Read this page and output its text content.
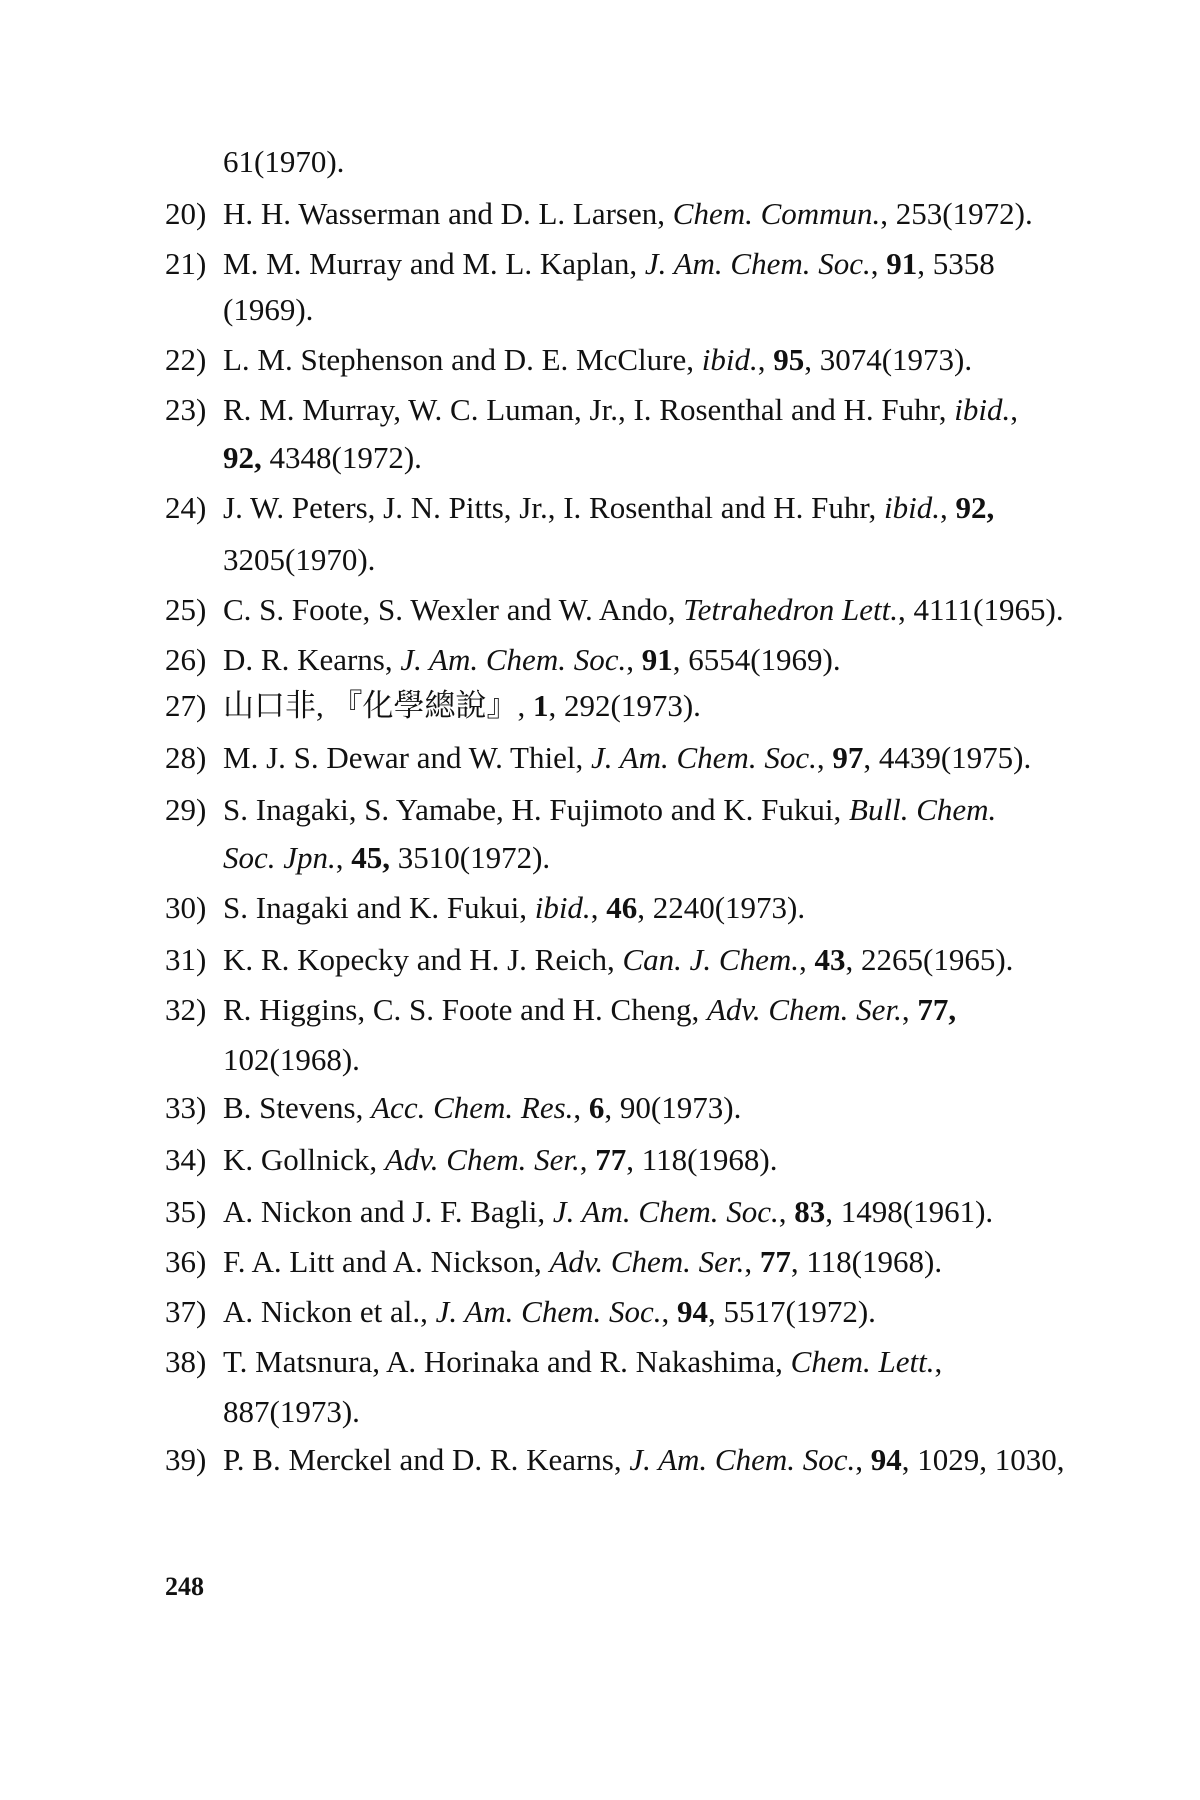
61(1970).
20) H. H. Wasserman and D. L. Larsen, Chem. Commun., 253(1972).
21) M. M. Murray and M. L. Kaplan, J. Am. Chem. Soc., 91, 5358
(1969).
22) L. M. Stephenson and D. E. McClure, ibid., 95, 3074(1973).
23) R. M. Murray, W. C. Luman, Jr., I. Rosenthal and H. Fuhr, ibid.,
92, 4348(1972).
24) J. W. Peters, J. N. Pitts, Jr., I. Rosenthal and H. Fuhr, ibid., 92,
3205(1970).
25) C. S. Foote, S. Wexler and W. Ando, Tetrahedron Lett., 4111(1965).
26) D. R. Kearns, J. Am. Chem. Soc., 91, 6554(1969).
27) 山口非, 『化學總說』, 1, 292(1973).
28) M. J. S. Dewar and W. Thiel, J. Am. Chem. Soc., 97, 4439(1975).
29) S. Inagaki, S. Yamabe, H. Fujimoto and K. Fukui, Bull. Chem.
Soc. Jpn., 45, 3510(1972).
30) S. Inagaki and K. Fukui, ibid., 46, 2240(1973).
31) K. R. Kopecky and H. J. Reich, Can. J. Chem., 43, 2265(1965).
32) R. Higgins, C. S. Foote and H. Cheng, Adv. Chem. Ser., 77,
102(1968).
33) B. Stevens, Acc. Chem. Res., 6, 90(1973).
34) K. Gollnick, Adv. Chem. Ser., 77, 118(1968).
35) A. Nickon and J. F. Bagli, J. Am. Chem. Soc., 83, 1498(1961).
36) F. A. Litt and A. Nickson, Adv. Chem. Ser., 77, 118(1968).
37) A. Nickon et al., J. Am. Chem. Soc., 94, 5517(1972).
38) T. Matsnura, A. Horinaka and R. Nakashima, Chem. Lett.,
887(1973).
39) P. B. Merckel and D. R. Kearns, J. Am. Chem. Soc., 94, 1029, 1030,
248
